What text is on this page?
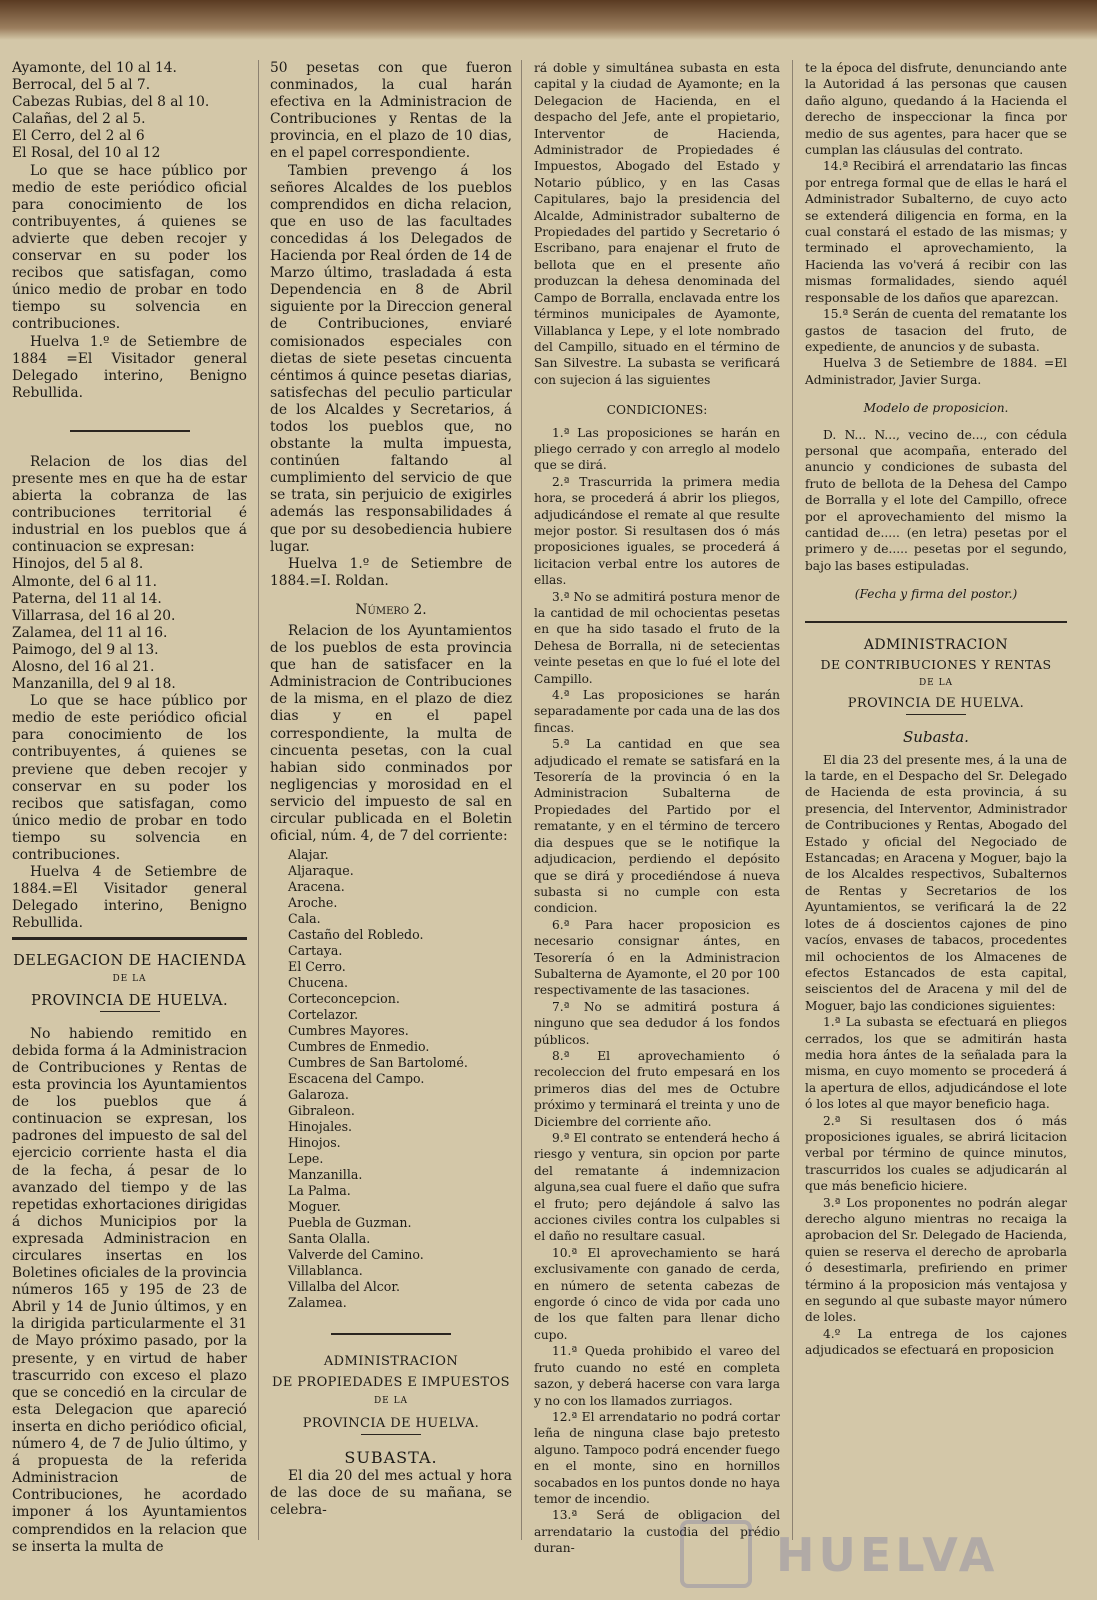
Ayamonte, del 10 al 14.
Berrocal, del 5 al 7.
Cabezas Rubias, del 8 al 10.
Calañas, del 2 al 5.
El Cerro, del 2 al 6
El Rosal, del 10 al 12

Lo que se hace público por medio de este periódico oficial para conocimiento de los contribuyentes, á quienes se advierte que deben recojer y conservar en su poder los recibos que satisfagan, como único medio de probar en todo tiempo su solvencia en contribuciones.

Huelva 1.º de Setiembre de 1884 =El Visitador general Delegado interino, Benigno Rebullida.

Relacion de los dias del presente mes en que ha de estar abierta la cobranza de las contribuciones territorial é industrial en los pueblos que á continuacion se expresan:

Hinojos, del 5 al 8.
Almonte, del 6 al 11.
Paterna, del 11 al 14.
Villarrasa, del 16 al 20.
Zalamea, del 11 al 16.
Paimogo, del 9 al 13.
Alosno, del 16 al 21.
Manzanilla, del 9 al 18.

Lo que se hace público por medio de este periódico oficial para conocimiento de los contribuyentes, á quienes se previene que deben recojer y conservar en su poder los recibos que satisfagan, como único medio de probar en todo tiempo su solvencia en contribuciones.

Huelva 4 de Setiembre de 1884.=El Visitador general Delegado interino, Benigno Rebullida.

DELEGACION DE HACIENDA
DE LA
PROVINCIA DE HUELVA.

No habiendo remitido en debida forma á la Administracion de Contribuciones y Rentas de esta provincia los Ayuntamientos de los pueblos que á continuacion se expresan, los padrones del impuesto de sal del ejercicio corriente hasta el dia de la fecha, á pesar de lo avanzado del tiempo y de las repetidas exhortaciones dirigidas á dichos Municipios por la expresada Administracion en circulares insertas en los Boletines oficiales de la provincia números 165 y 195 de 23 de Abril y 14 de Junio últimos, y en la dirigida particularmente el 31 de Mayo próximo pasado, por la presente, y en virtud de haber trascurrido con exceso el plazo que se concedió en la circular de esta Delegacion que apareció inserta en dicho periódico oficial, número 4, de 7 de Julio último, y á propuesta de la referida Administracion de Contribuciones, he acordado imponer á los Ayuntamientos comprendidos en la relacion que se inserta la multa de

50 pesetas con que fueron conminados, la cual harán efectiva en la Administracion de Contribuciones y Rentas de la provincia, en el plazo de 10 dias, en el papel correspondiente.

Tambien prevengo á los señores Alcaldes de los pueblos comprendidos en dicha relacion, que en uso de las facultades concedidas á los Delegados de Hacienda por Real órden de 14 de Marzo último, trasladada á esta Dependencia en 8 de Abril siguiente por la Direccion general de Contribuciones, enviaré comisionados especiales con dietas de siete pesetas cincuenta céntimos á quince pesetas diarias, satisfechas del peculio particular de los Alcaldes y Secretarios, á todos los pueblos que, no obstante la multa impuesta, continúen faltando al cumplimiento del servicio de que se trata, sin perjuicio de exigirles además las responsabilidades á que por su desobediencia hubiere lugar.

Huelva 1.º de Setiembre de 1884.=I. Roldan.

Número 2.

Relacion de los Ayuntamientos de los pueblos de esta provincia que han de satisfacer en la Administracion de Contribuciones de la misma, en el plazo de diez dias y en el papel correspondiente, la multa de cincuenta pesetas, con la cual habian sido conminados por negligencias y morosidad en el servicio del impuesto de sal en circular publicada en el Boletin oficial, núm. 4, de 7 del corriente:

Alajar.
Aljaraque.
Aracena.
Aroche.
Cala.
Castaño del Robledo.
Cartaya.
El Cerro.
Chucena.
Corteconcepcion.
Cortelazor.
Cumbres Mayores.
Cumbres de Enmedio.
Cumbres de San Bartolomé.
Escacena del Campo.
Galaroza.
Gibraleon.
Hinojales.
Hinojos.
Lepe.
Manzanilla.
La Palma.
Moguer.
Puebla de Guzman.
Santa Olalla.
Valverde del Camino.
Villablanca.
Villalba del Alcor.
Zalamea.
ADMINISTRACION
DE PROPIEDADES E IMPUESTOS
DE LA
PROVINCIA DE HUELVA.
SUBASTA.

El dia 20 del mes actual y hora de las doce de su mañana, se celebra-

rá doble y simultánea subasta en esta capital y la ciudad de Ayamonte; en la Delegacion de Hacienda, en el despacho del Jefe, ante el propietario, Interventor de Hacienda, Administrador de Propiedades é Impuestos, Abogado del Estado y Notario público, y en las Casas Capitulares, bajo la presidencia del Alcalde, Administrador subalterno de Propiedades del partido y Secretario ó Escribano, para enajenar el fruto de bellota que en el presente año produzcan la dehesa denominada del Campo de Borralla, enclavada entre los términos municipales de Ayamonte, Villablanca y Lepe, y el lote nombrado del Campillo, situado en el término de San Silvestre. La subasta se verificará con sujecion á las siguientes

CONDICIONES:

1.ª Las proposiciones se harán en pliego cerrado y con arreglo al modelo que se dirá.

2.ª Trascurrida la primera media hora, se procederá á abrir los pliegos, adjudicándose el remate al que resulte mejor postor. Si resultasen dos ó más proposiciones iguales, se procederá á licitacion verbal entre los autores de ellas.

3.ª No se admitirá postura menor de la cantidad de mil ochocientas pesetas en que ha sido tasado el fruto de la Dehesa de Borralla, ni de setecientas veinte pesetas en que lo fué el lote del Campillo.

4.ª Las proposiciones se harán separadamente por cada una de las dos fincas.

5.ª La cantidad en que sea adjudicado el remate se satisfará en la Tesorería de la provincia ó en la Administracion Subalterna de Propiedades del Partido por el rematante, y en el término de tercero dia despues que se le notifique la adjudicacion, perdiendo el depósito que se dirá y procediéndose á nueva subasta si no cumple con esta condicion.

6.ª Para hacer proposicion es necesario consignar ántes, en Tesorería ó en la Administracion Subalterna de Ayamonte, el 20 por 100 respectivamente de las tasaciones.

7.ª No se admitirá postura á ninguno que sea dedudor á los fondos públicos.

8.ª El aprovechamiento ó recoleccion del fruto empesará en los primeros dias del mes de Octubre próximo y terminará el treinta y uno de Diciembre del corriente año.

9.ª El contrato se entenderá hecho á riesgo y ventura, sin opcion por parte del rematante á indemnizacion alguna,sea cual fuere el daño que sufra el fruto; pero dejándole á salvo las acciones civiles contra los culpables si el daño no resultare casual.

10.ª El aprovechamiento se hará exclusivamente con ganado de cerda, en número de setenta cabezas de engorde ó cinco de vida por cada uno de los que falten para llenar dicho cupo.

11.ª Queda prohibido el vareo del fruto cuando no esté en completa sazon, y deberá hacerse con vara larga y no con los llamados zurriagos.

12.ª El arrendatario no podrá cortar leña de ninguna clase bajo pretesto alguno. Tampoco podrá encender fuego en el monte, sino en hornillos socabados en los puntos donde no haya temor de incendio.

13.ª Será de obligacion del arrendatario la custodia del prédio duran-

te la época del disfrute, denunciando ante la Autoridad á las personas que causen daño alguno, quedando á la Hacienda el derecho de inspeccionar la finca por medio de sus agentes, para hacer que se cumplan las cláusulas del contrato.

14.ª Recibirá el arrendatario las fincas por entrega formal que de ellas le hará el Administrador Subalterno, de cuyo acto se extenderá diligencia en forma, en la cual constará el estado de las mismas; y terminado el aprovechamiento, la Hacienda las vo'verá á recibir con las mismas formalidades, siendo aquél responsable de los daños que aparezcan.

15.ª Serán de cuenta del rematante los gastos de tasacion del fruto, de expediente, de anuncios y de subasta.

Huelva 3 de Setiembre de 1884. =El Administrador, Javier Surga.

Modelo de proposicion.

D. N... N..., vecino de..., con cédula personal que acompaña, enterado del anuncio y condiciones de subasta del fruto de bellota de la Dehesa del Campo de Borralla y el lote del Campillo, ofrece por el aprovechamiento del mismo la cantidad de..... (en letra) pesetas por el primero y de..... pesetas por el segundo, bajo las bases estipuladas.

(Fecha y firma del postor.)
ADMINISTRACION
DE CONTRIBUCIONES Y RENTAS
DE LA
PROVINCIA DE HUELVA.
Subasta.

El dia 23 del presente mes, á la una de la tarde, en el Despacho del Sr. Delegado de Hacienda de esta provincia, á su presencia, del Interventor, Administrador de Contribuciones y Rentas, Abogado del Estado y oficial del Negociado de Estancadas; en Aracena y Moguer, bajo la de los Alcaldes respectivos, Subalternos de Rentas y Secretarios de los Ayuntamientos, se verificará la de 22 lotes de á doscientos cajones de pino vacíos, envases de tabacos, procedentes mil ochocientos de los Almacenes de efectos Estancados de esta capital, seiscientos del de Aracena y mil del de Moguer, bajo las condiciones siguientes:

1.ª La subasta se efectuará en pliegos cerrados, los que se admitirán hasta media hora ántes de la señalada para la misma, en cuyo momento se procederá á la apertura de ellos, adjudicándose el lote ó los lotes al que mayor beneficio haga.

2.ª Si resultasen dos ó más proposiciones iguales, se abrirá licitacion verbal por término de quince minutos, trascurridos los cuales se adjudicarán al que más beneficio hiciere.

3.ª Los proponentes no podrán alegar derecho alguno mientras no recaiga la aprobacion del Sr. Delegado de Hacienda, quien se reserva el derecho de aprobarla ó desestimarla, prefiriendo en primer término á la proposicion más ventajosa y en segundo al que subaste mayor número de loles.

4.º La entrega de los cajones adjudicados se efectuará en proposicion

HUELVA
